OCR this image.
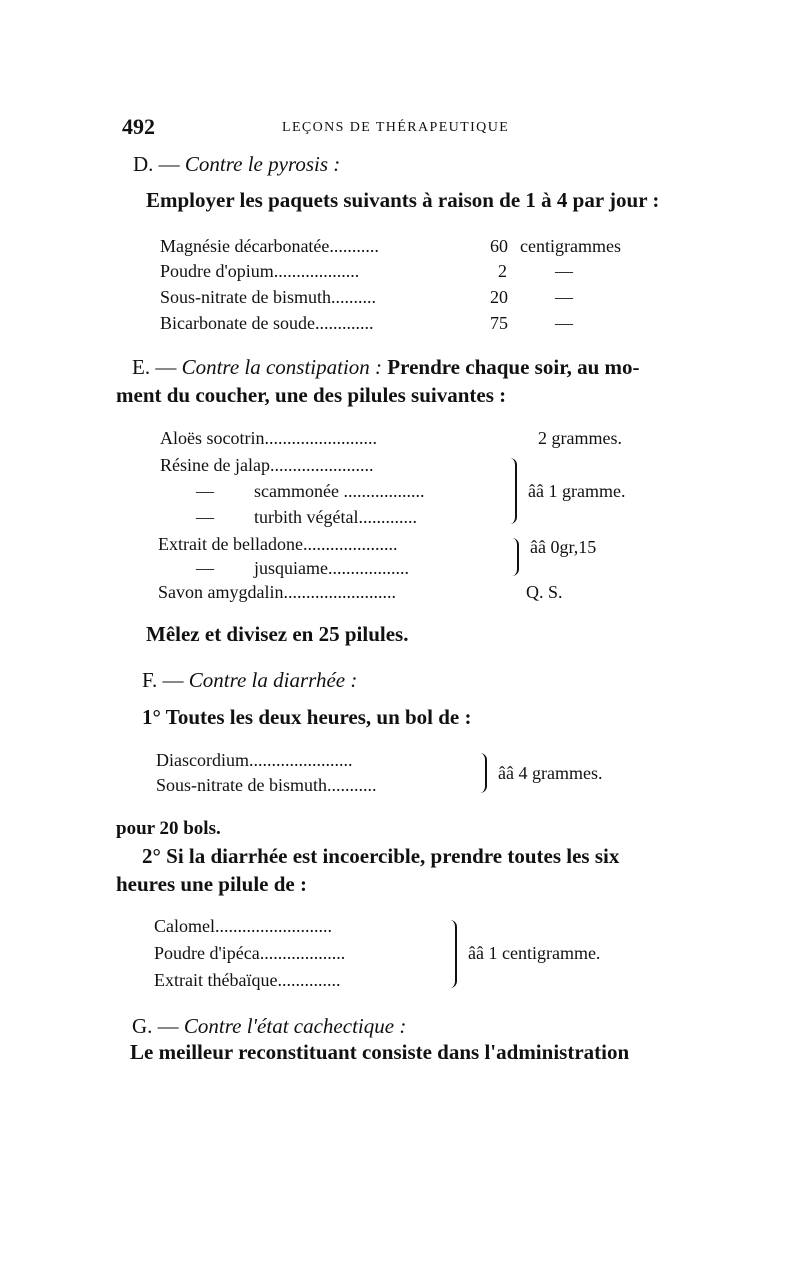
492	LEÇONS DE THÉRAPEUTIQUE
D. — Contre le pyrosis :
Employer les paquets suivants à raison de 1 à 4 par jour :
Magnésie décarbonatée...........	60 centigrammes
Poudre d'opium...................	2	—
Sous-nitrate de bismuth..........	20	—
Bicarbonate de soude.............	75	—
E. — Contre la constipation : Prendre chaque soir, au mo-
ment du coucher, une des pilules suivantes :
Aloës socotrin.........................	2 grammes.
Résine de jalap.......................
— scammonée ..................
— turbith végétal.............
ââ 1 gramme.
Extrait de belladone.....................
— jusquiame..................
ââ 0gr,15
Savon amygdalin.........................	Q. S.
Mêlez et divisez en 25 pilules.
F. — Contre la diarrhée :
1° Toutes les deux heures, un bol de :
Diascordium.......................
Sous-nitrate de bismuth...........
ââ 4 grammes.
pour 20 bols.
2° Si la diarrhée est incoercible, prendre toutes les six
heures une pilule de :
Calomel..........................
Poudre d'ipéca...................
Extrait thébaïque..............
ââ 1 centigramme.
G. — Contre l'état cachectique :
Le meilleur reconstituant consiste dans l'administration
